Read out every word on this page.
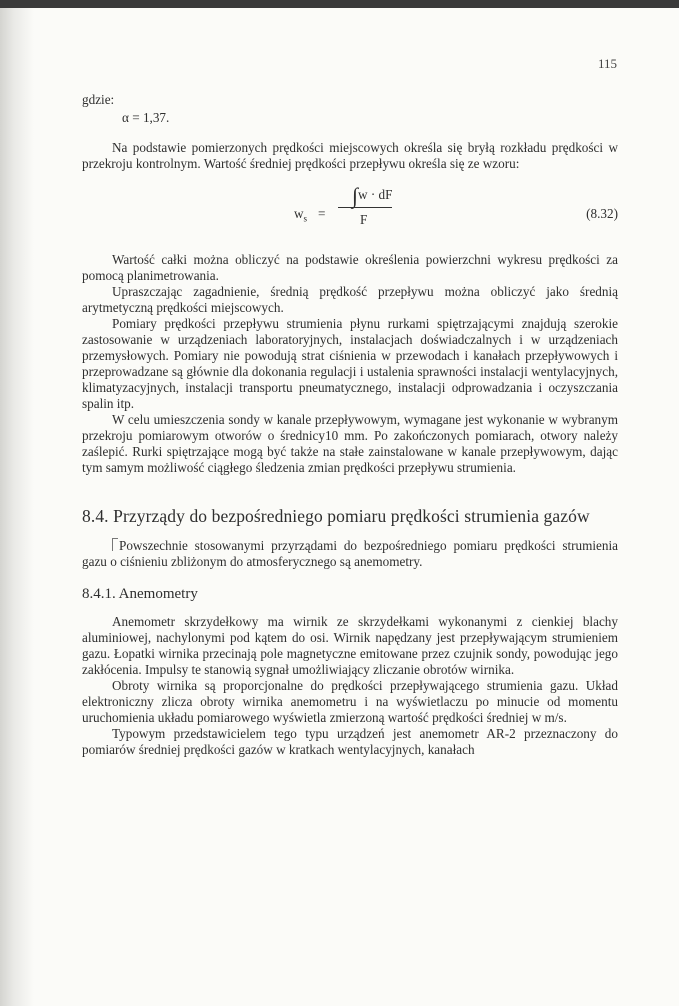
115

gdzie:

α = 1,37.

Na podstawie pomierzonych prędkości miejscowych określa się bryłą rozkładu prędkości w przekroju kontrolnym. Wartość średniej prędkości przepływu określa się ze wzoru:

$w_s$ =
∫w · dF
F	(8.32)

Wartość całki można obliczyć na podstawie określenia powierzchni wykresu prędkości za pomocą planimetrowania.

Upraszczając zagadnienie, średnią prędkość przepływu można obliczyć jako średnią arytmetyczną prędkości miejscowych.

Pomiary prędkości przepływu strumienia płynu rurkami spiętrzającymi znajdują szerokie zastosowanie w urządzeniach laboratoryjnych, instalacjach doświadczalnych i w urządzeniach przemysłowych. Pomiary nie powodują strat ciśnienia w przewodach i kanałach przepływowych i przeprowadzane są głównie dla dokonania regulacji i ustalenia sprawności instalacji wentylacyjnych, klimatyzacyjnych, instalacji transportu pneumatycznego, instalacji odprowadzania i oczyszczania spalin itp.

W celu umieszczenia sondy w kanale przepływowym, wymagane jest wykonanie w wybranym przekroju pomiarowym otworów o średnicy10 mm. Po zakończonych pomiarach, otwory należy zaślepić. Rurki spiętrzające mogą być także na stałe zainstalowane w kanale przepływowym, dając tym samym możliwość ciągłego śledzenia zmian prędkości przepływu strumienia.

8.4. Przyrządy do bezpośredniego pomiaru prędkości strumienia gazów

Powszechnie stosowanymi przyrządami do bezpośredniego pomiaru prędkości strumienia gazu o ciśnieniu zbliżonym do atmosferycznego są anemometry.

8.4.1. Anemometry

Anemometr skrzydełkowy ma wirnik ze skrzydełkami wykonanymi z cienkiej blachy aluminiowej, nachylonymi pod kątem do osi. Wirnik napędzany jest przepływającym strumieniem gazu. Łopatki wirnika przecinają pole magnetyczne emitowane przez czujnik sondy, powodując jego zakłócenia. Impulsy te stanowią sygnał umożliwiający zliczanie obrotów wirnika.

Obroty wirnika są proporcjonalne do prędkości przepływającego strumienia gazu. Układ elektroniczny zlicza obroty wirnika anemometru i na wyświetlaczu po minucie od momentu uruchomienia układu pomiarowego wyświetla zmierzoną wartość prędkości średniej w m/s.

Typowym przedstawicielem tego typu urządzeń jest anemometr AR-2 przeznaczony do pomiarów średniej prędkości gazów w kratkach wentylacyjnych, kanałach
